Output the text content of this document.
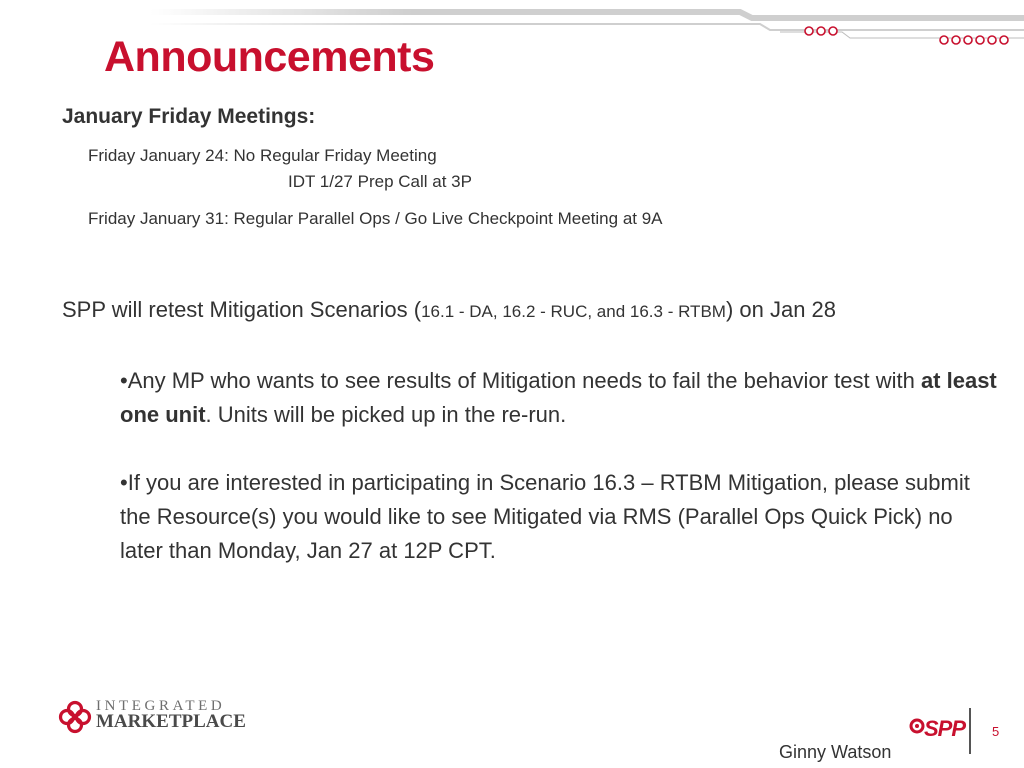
Announcements
January Friday Meetings:
Friday January 24: No Regular Friday Meeting
IDT 1/27 Prep Call at 3P
Friday January 31: Regular Parallel Ops / Go Live Checkpoint Meeting at 9A
SPP will retest Mitigation Scenarios (16.1 - DA, 16.2 - RUC, and 16.3 - RTBM) on Jan 28
•Any MP who wants to see results of Mitigation needs to fail the behavior test with at least one unit. Units will be picked up in the re-run.
•If you are interested in participating in Scenario 16.3 – RTBM Mitigation, please submit the Resource(s) you would like to see Mitigated via RMS (Parallel Ops Quick Pick) no later than Monday, Jan 27 at 12P CPT.
INTEGRATED
MARKETPLACE	SPP 5
Ginny Watson
